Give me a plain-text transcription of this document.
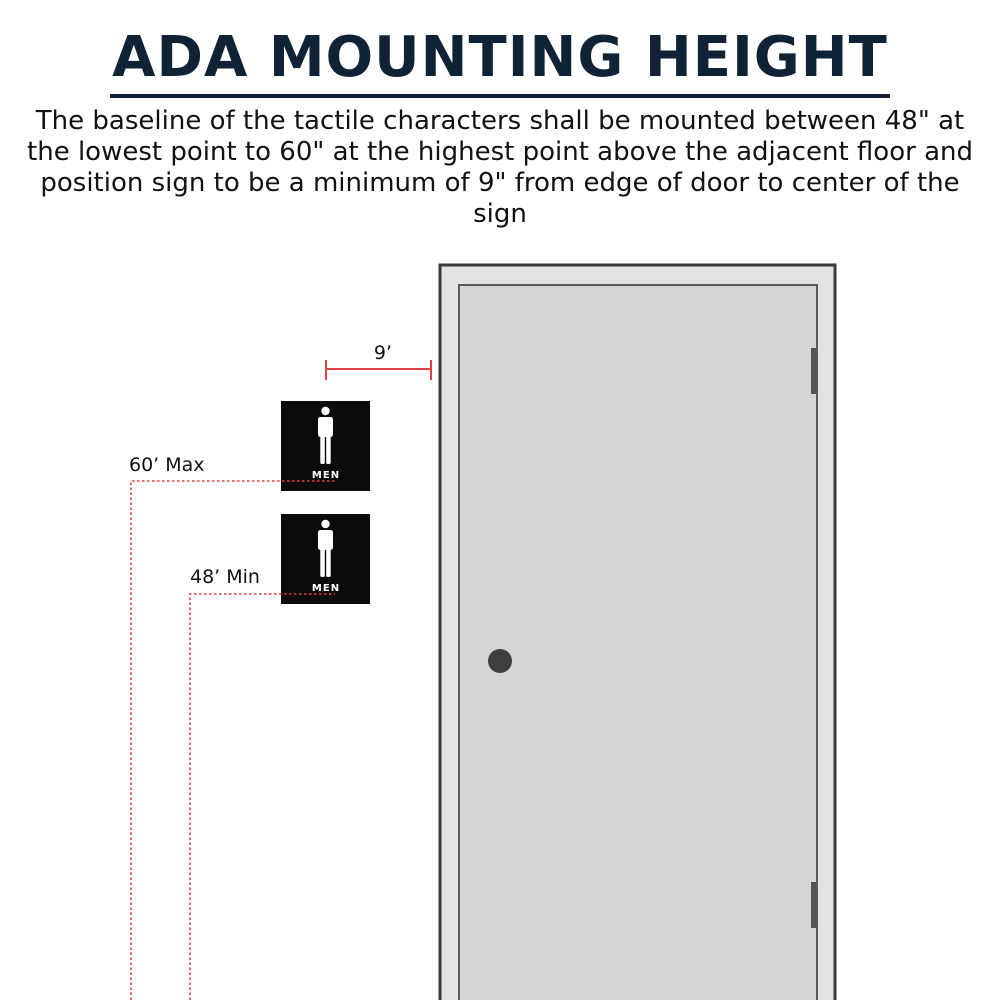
ADA MOUNTING HEIGHT

The baseline of the tactile characters shall be mounted between 48" at the lowest point to 60" at the highest point above the adjacent floor and position sign to be a minimum of 9" from edge of door to center of the sign

9’
MEN
MEN
60’ Max
48’ Min
